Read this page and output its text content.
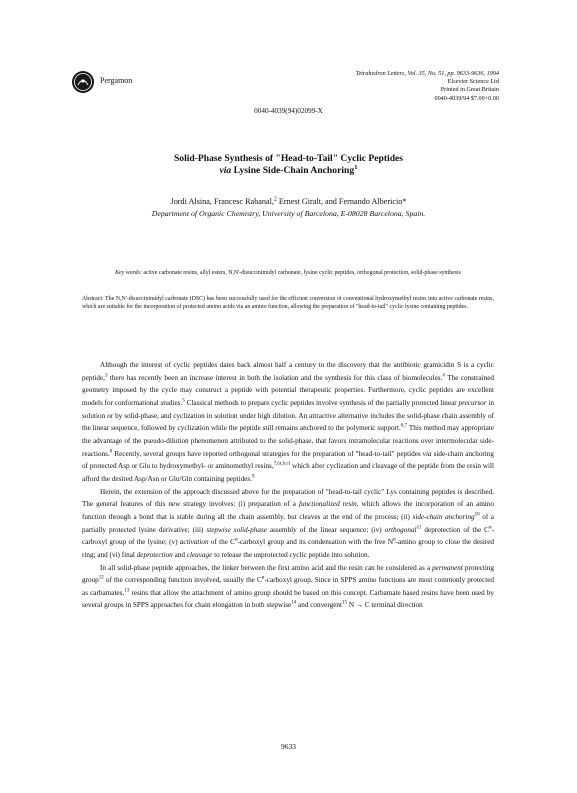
Pergamon
Tetrahedron Letters, Vol. 35, No. 51, pp. 9633-9636, 1994
Elsevier Science Ltd
Printed in Great Britain
0040-4039/94 $7.00+0.00
0040-4039(94)02099-X
Solid-Phase Synthesis of "Head-to-Tail" Cyclic Peptides
via Lysine Side-Chain Anchoring$^1$
Jordi Alsina, Francesc Rabanal,$^2$ Ernest Giralt, and Fernando Albericio*
Department of Organic Chemistry, University of Barcelona, E-08028 Barcelona, Spain.
Key words: active carbonate resins, allyl esters, N,N'-disuccinimidyl carbonate, lysine cyclic peptides, orthogonal protection, solid-phase synthesis
Abstract: The N,N'-disuccinimidyl carbonate (DSC) has been successfully used for the efficient conversion of conventional hydroxymethyl resins into active carbonate resins, which are suitable for the incorporation of protected amino acids via an amino function, allowing the preparation of "head-to-tail" cyclic lysine containing peptides.

Although the interest of cyclic peptides dates back almost half a century to the discovery that the antibiotic gramicidin S is a cyclic peptide,$^3$ there has recently been an increase interest in both the isolation and the synthesis for this class of biomolecules.$^4$ The constrained geometry imposed by the cycle may construct a peptide with potential therapeutic properties. Furthermore, cyclic peptides are excellent models for conformational studies.$^5$ Classical methods to prepare cyclic peptides involve synthesis of the partially protected linear precursor in solution or by solid-phase, and cyclization in solution under high dilution. An attractive alternative includes the solid-phase chain assembly of the linear sequence, followed by cyclization while the peptide still remains anchored to the polymeric support.$^{6,7}$ This method may appropriate the advantage of the pseudo-dilution phenomenon attributed to the solid-phase, that favors intramolecular reactions over intermolecular side-reactions.$^8$ Recently, several groups have reported orthogonal strategies for the preparation of "head-to-tail" peptides via side-chain anchoring of protected Asp or Glu to hydroxymethyl- or aminomethyl resins,$^{7,(a,b,c)}$ which after cyclization and cleavage of the peptide from the resin will afford the desired Asp/Asn or Glu/Gln containing peptides.$^9$

Herein, the extension of the approach discussed above for the preparation of "head-to-tail cyclic" Lys containing peptides is described. The general features of this new strategy involves: (i) preparation of a functionalized resin, which allows the incorporation of an amino function through a bond that is stable during all the chain assembly, but cleaves at the end of the process; (ii) side-chain anchoring$^{10}$ of a partially protected lysine derivative; (iii) stepwise solid-phase assembly of the linear sequence; (iv) orthogonal$^{11}$ deprotection of the $C^\alpha$-carboxyl group of the lysine; (v) activation of the $C^\alpha$-carboxyl group and its condensation with the free $N^\alpha$-amino group to close the desired ring; and (vi) final deprotection and cleavage to release the unprotected cyclic peptide into solution.

In all solid-phase peptide approaches, the linker between the first amino acid and the resin can be considered as a permanent protecting group$^{12}$ of the corresponding function involved, usually the $C^\alpha$-carboxyl group. Since in SPPS amino functions are most commonly protected as carbamates,$^{13}$ resins that allow the attachment of amino group should be based on this concept. Carbamate based resins have been used by several groups in SPPS approaches for chain elongation in both stepwise$^{14}$ and convergent$^{15}$ N → C terminal direction

9633
